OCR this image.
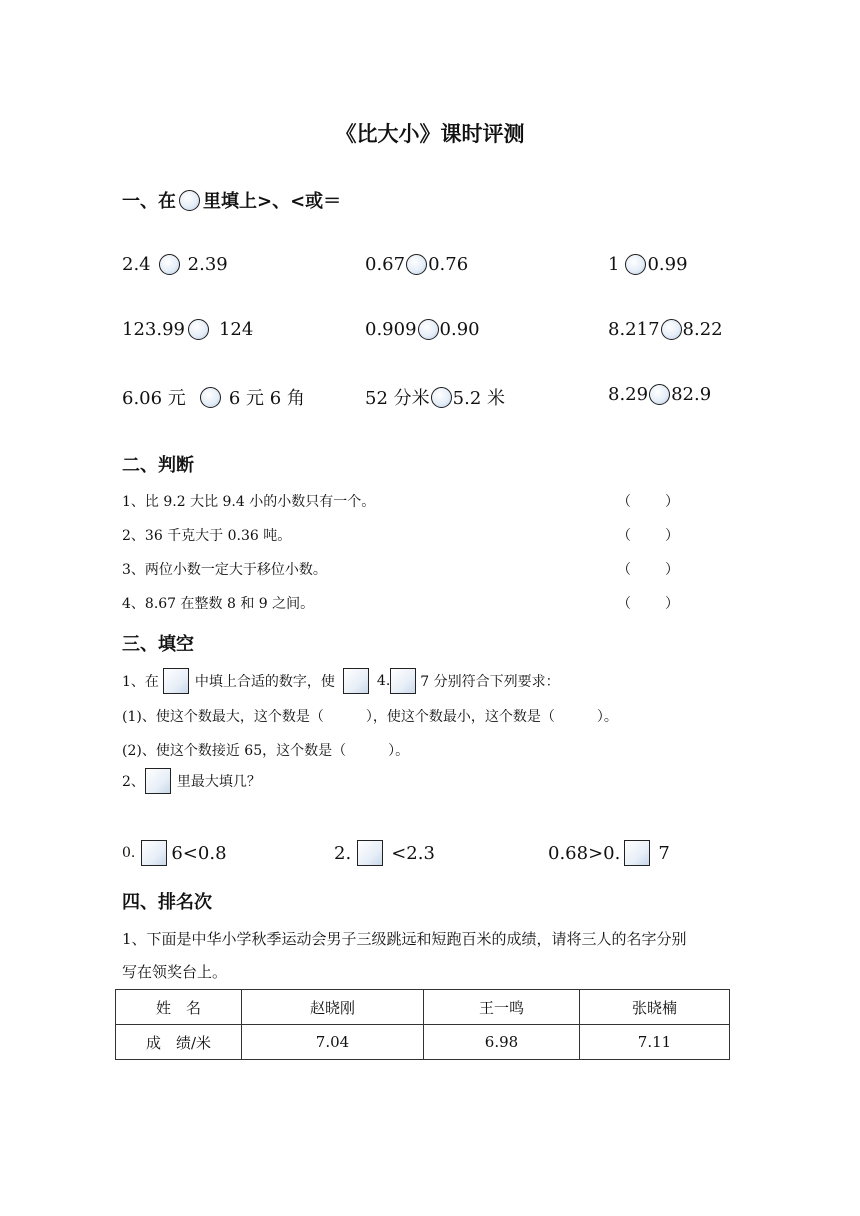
《比大小》课时评测
一、在 里填上>、<或＝
2.4 2.39	0.67 0.76	1 0.99
123.99 124	0.909 0.90	8.217 8.22
6.06 元 6 元 6 角	52 分米 5.2 米	8.29 82.9
二、判断
1、比 9.2 大比 9.4 小的小数只有一个。	（ ）
2、36 千克大于 0.36 吨。	（ ）
3、两位小数一定大于移位小数。	（ ）
4、8.67 在整数 8 和 9 之间。	（ ）
三、填空
1、在	中填上合适的数字，使	4. 7 分别符合下列要求：
(1)、使这个数最大，这个数是（　　　），使这个数最小，这个数是（　　　）。
(2)、使这个数接近 65，这个数是（　　　）。
2、 里最大填几？
0. 6<0.8	2. <2.3	0.68>0. 7
四、排名次
1、下面是中华小学秋季运动会男子三级跳远和短跑百米的成绩，请将三人的名字分别
写在领奖台上。
姓　名	赵晓刚	王一鸣	张晓楠
成　绩/米	7.04	6.98	7.11
